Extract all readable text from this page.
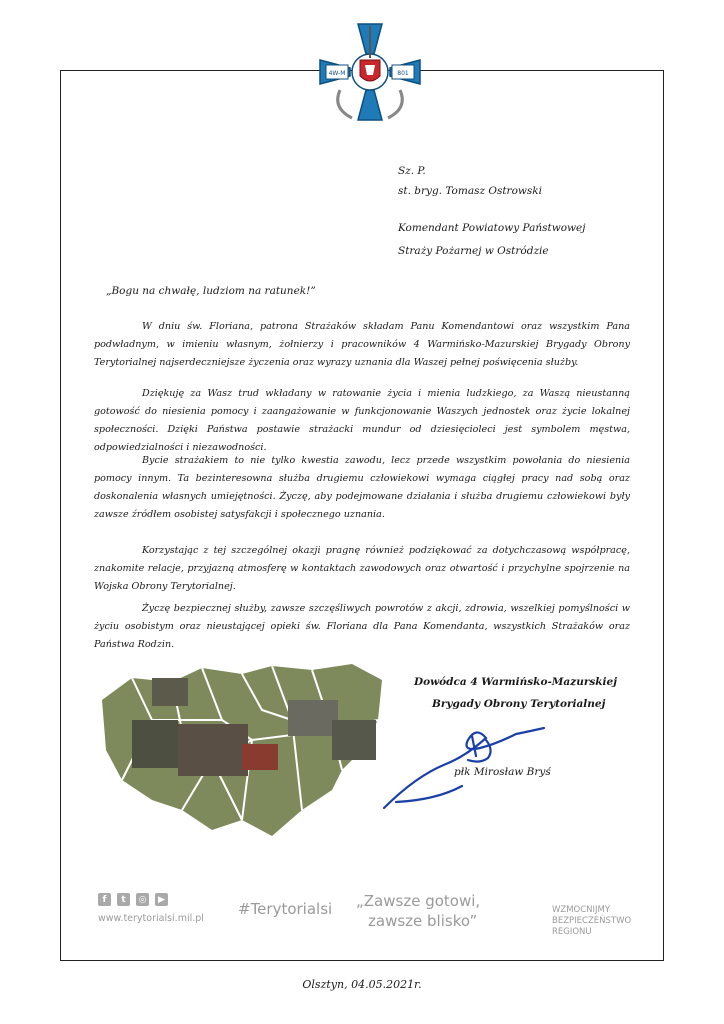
4W-M	801
Sz. P.
st. bryg. Tomasz Ostrowski
Komendant Powiatowy Państwowej
Straży Pożarnej w Ostródzie
„Bogu na chwałę, ludziom na ratunek!”
W dniu św. Floriana, patrona Strażaków składam Panu Komendantowi oraz wszystkim Pana podwładnym, w imieniu własnym, żołnierzy i pracowników 4 Warmińsko-Mazurskiej Brygady Obrony Terytorialnej najserdeczniejsze życzenia oraz wyrazy uznania dla Waszej pełnej poświęcenia służby.
Dziękuję za Wasz trud wkładany w ratowanie życia i mienia ludzkiego, za Waszą nieustanną gotowość do niesienia pomocy i zaangażowanie w funkcjonowanie Waszych jednostek oraz życie lokalnej społeczności. Dzięki Państwa postawie strażacki mundur od dziesięcioleci jest symbolem męstwa, odpowiedzialności i niezawodności.
Bycie strażakiem to nie tylko kwestia zawodu, lecz przede wszystkim powołania do niesienia pomocy innym. Ta bezinteresowna służba drugiemu człowiekowi wymaga ciągłej pracy nad sobą oraz doskonalenia własnych umiejętności. Życzę, aby podejmowane działania i służba drugiemu człowiekowi były zawsze źródłem osobistej satysfakcji i społecznego uznania.
Korzystając z tej szczególnej okazji pragnę również podziękować za dotychczasową współpracę, znakomite relacje, przyjazną atmosferę w kontaktach zawodowych oraz otwartość i przychylne spojrzenie na Wojska Obrony Terytorialnej.
Życzę bezpiecznej służby, zawsze szczęśliwych powrotów z akcji, zdrowia, wszelkiej pomyślności w życiu osobistym oraz nieustającej opieki św. Floriana dla Pana Komendanta, wszystkich Strażaków oraz Państwa Rodzin.
Dowódca 4 Warmińsko-Mazurskiej
Brygady Obrony Terytorialnej
płk Mirosław Bryś
f	t	◎	▶
www.terytorialsi.mil.pl
#Terytorialsi „Zawsze gotowi,
zawsze blisko”
WZMOCNIJMY
BEZPIECZEŃSTWO
REGIONU
Olsztyn, 04.05.2021r.
